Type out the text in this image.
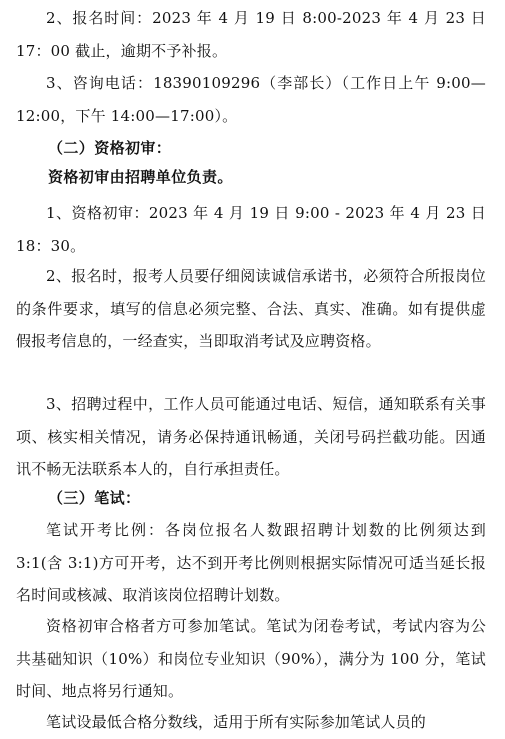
2、报名时间：2023 年 4 月 19 日 8:00-2023 年 4 月 23 日 17：00 截止，逾期不予补报。

3、咨询电话：18390109296（李部长）（工作日上午 9:00—12:00，下午 14:00—17:00）。

（二）资格初审：

资格初审由招聘单位负责。

1、资格初审：2023 年 4 月 19 日 9:00 - 2023 年 4 月 23 日 18：30。

2、报名时，报考人员要仔细阅读诚信承诺书，必须符合所报岗位的条件要求，填写的信息必须完整、合法、真实、准确。如有提供虚假报考信息的，一经查实，当即取消考试及应聘资格。

3、招聘过程中，工作人员可能通过电话、短信，通知联系有关事项、核实相关情况，请务必保持通讯畅通，关闭号码拦截功能。因通讯不畅无法联系本人的，自行承担责任。

（三）笔试：

笔试开考比例：各岗位报名人数跟招聘计划数的比例须达到 3:1(含 3:1)方可开考，达不到开考比例则根据实际情况可适当延长报名时间或核减、取消该岗位招聘计划数。

资格初审合格者方可参加笔试。笔试为闭卷考试，考试内容为公共基础知识（10%）和岗位专业知识（90%），满分为 100 分，笔试时间、地点将另行通知。

笔试设最低合格分数线，适用于所有实际参加笔试人员的
